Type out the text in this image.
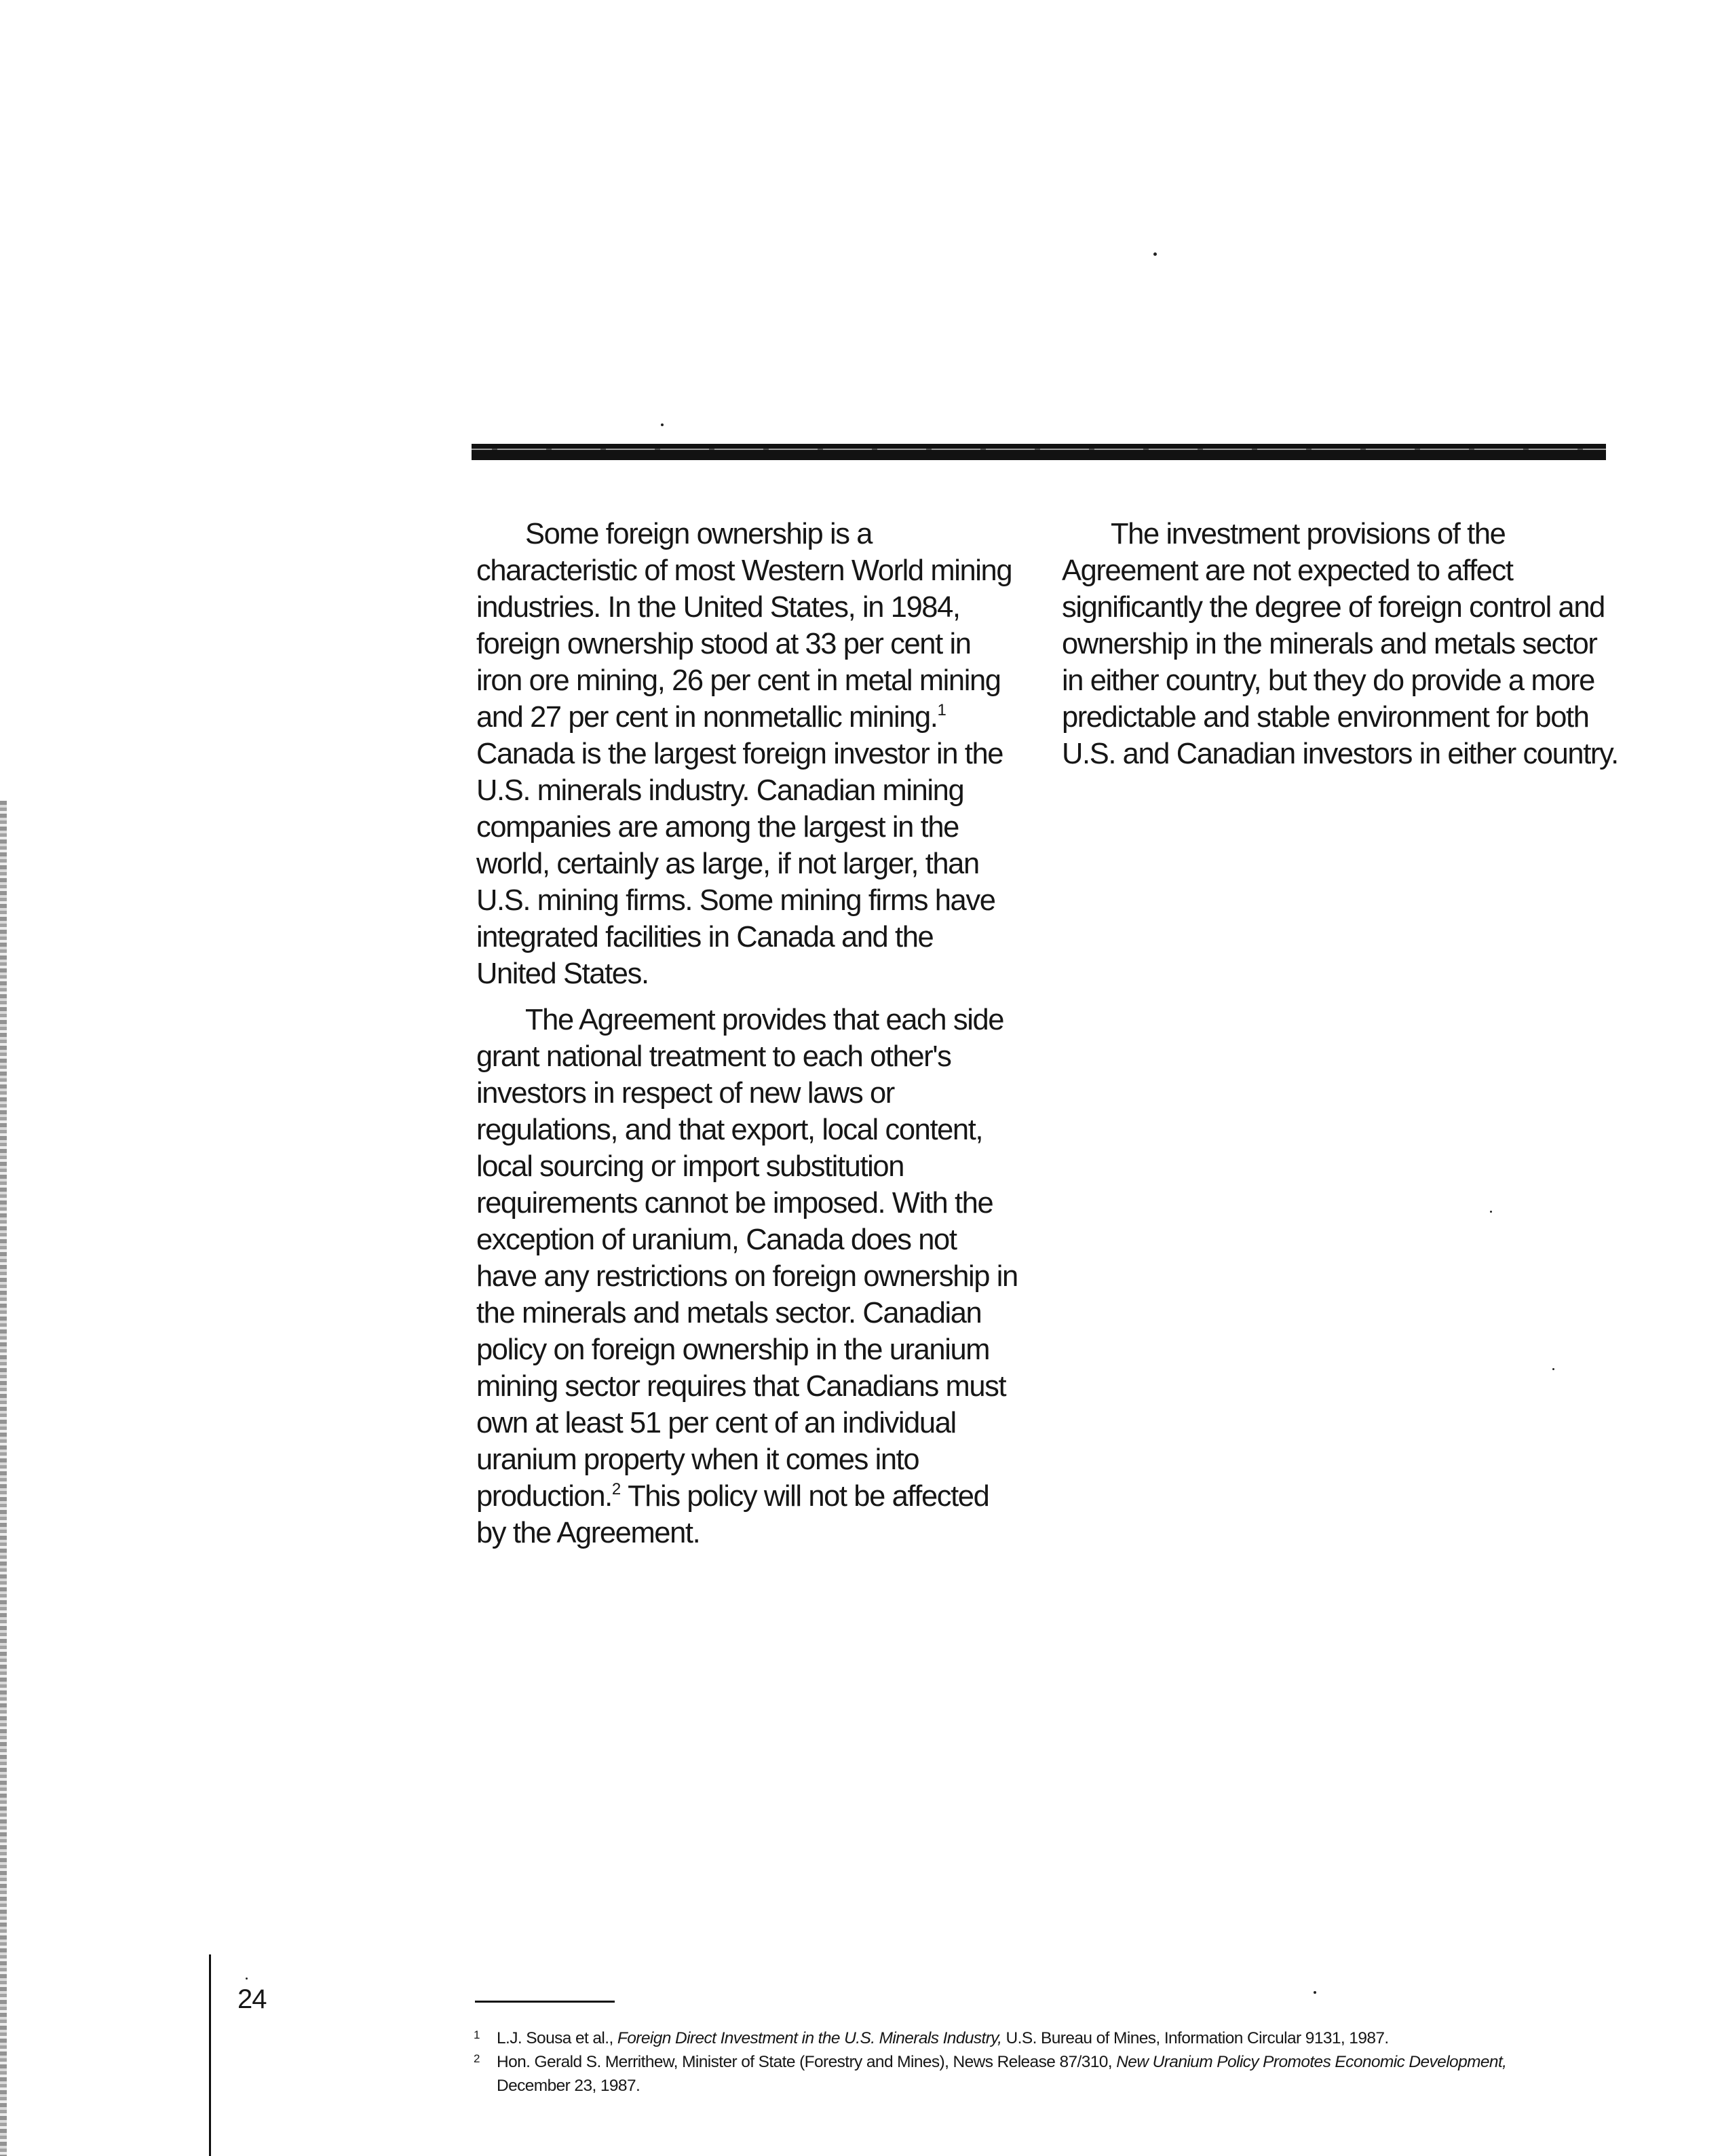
Some foreign ownership is a characteristic of most Western World mining industries. In the United States, in 1984, foreign ownership stood at 33 per cent in iron ore mining, 26 per cent in metal mining and 27 per cent in nonmetallic mining.$^1$ Canada is the largest foreign investor in the U.S. minerals industry. Canadian mining companies are among the largest in the world, certainly as large, if not larger, than U.S. mining firms. Some mining firms have integrated facilities in Canada and the United States.

The Agreement provides that each side grant national treatment to each other's investors in respect of new laws or regulations, and that export, local content, local sourcing or import substitution requirements cannot be imposed. With the exception of uranium, Canada does not have any restrictions on foreign ownership in the minerals and metals sector. Canadian policy on foreign ownership in the uranium mining sector requires that Canadians must own at least 51 per cent of an individual uranium property when it comes into production.$^2$ This policy will not be affected by the Agreement.

The investment provisions of the Agreement are not expected to affect significantly the degree of foreign control and ownership in the minerals and metals sector in either country, but they do provide a more predictable and stable environment for both U.S. and Canadian investors in either country.

24
1 L.J. Sousa et al., Foreign Direct Investment in the U.S. Minerals Industry, U.S. Bureau of Mines, Information Circular 9131, 1987.
2 Hon. Gerald S. Merrithew, Minister of State (Forestry and Mines), News Release 87/310, New Uranium Policy Promotes Economic Development, December 23, 1987.
